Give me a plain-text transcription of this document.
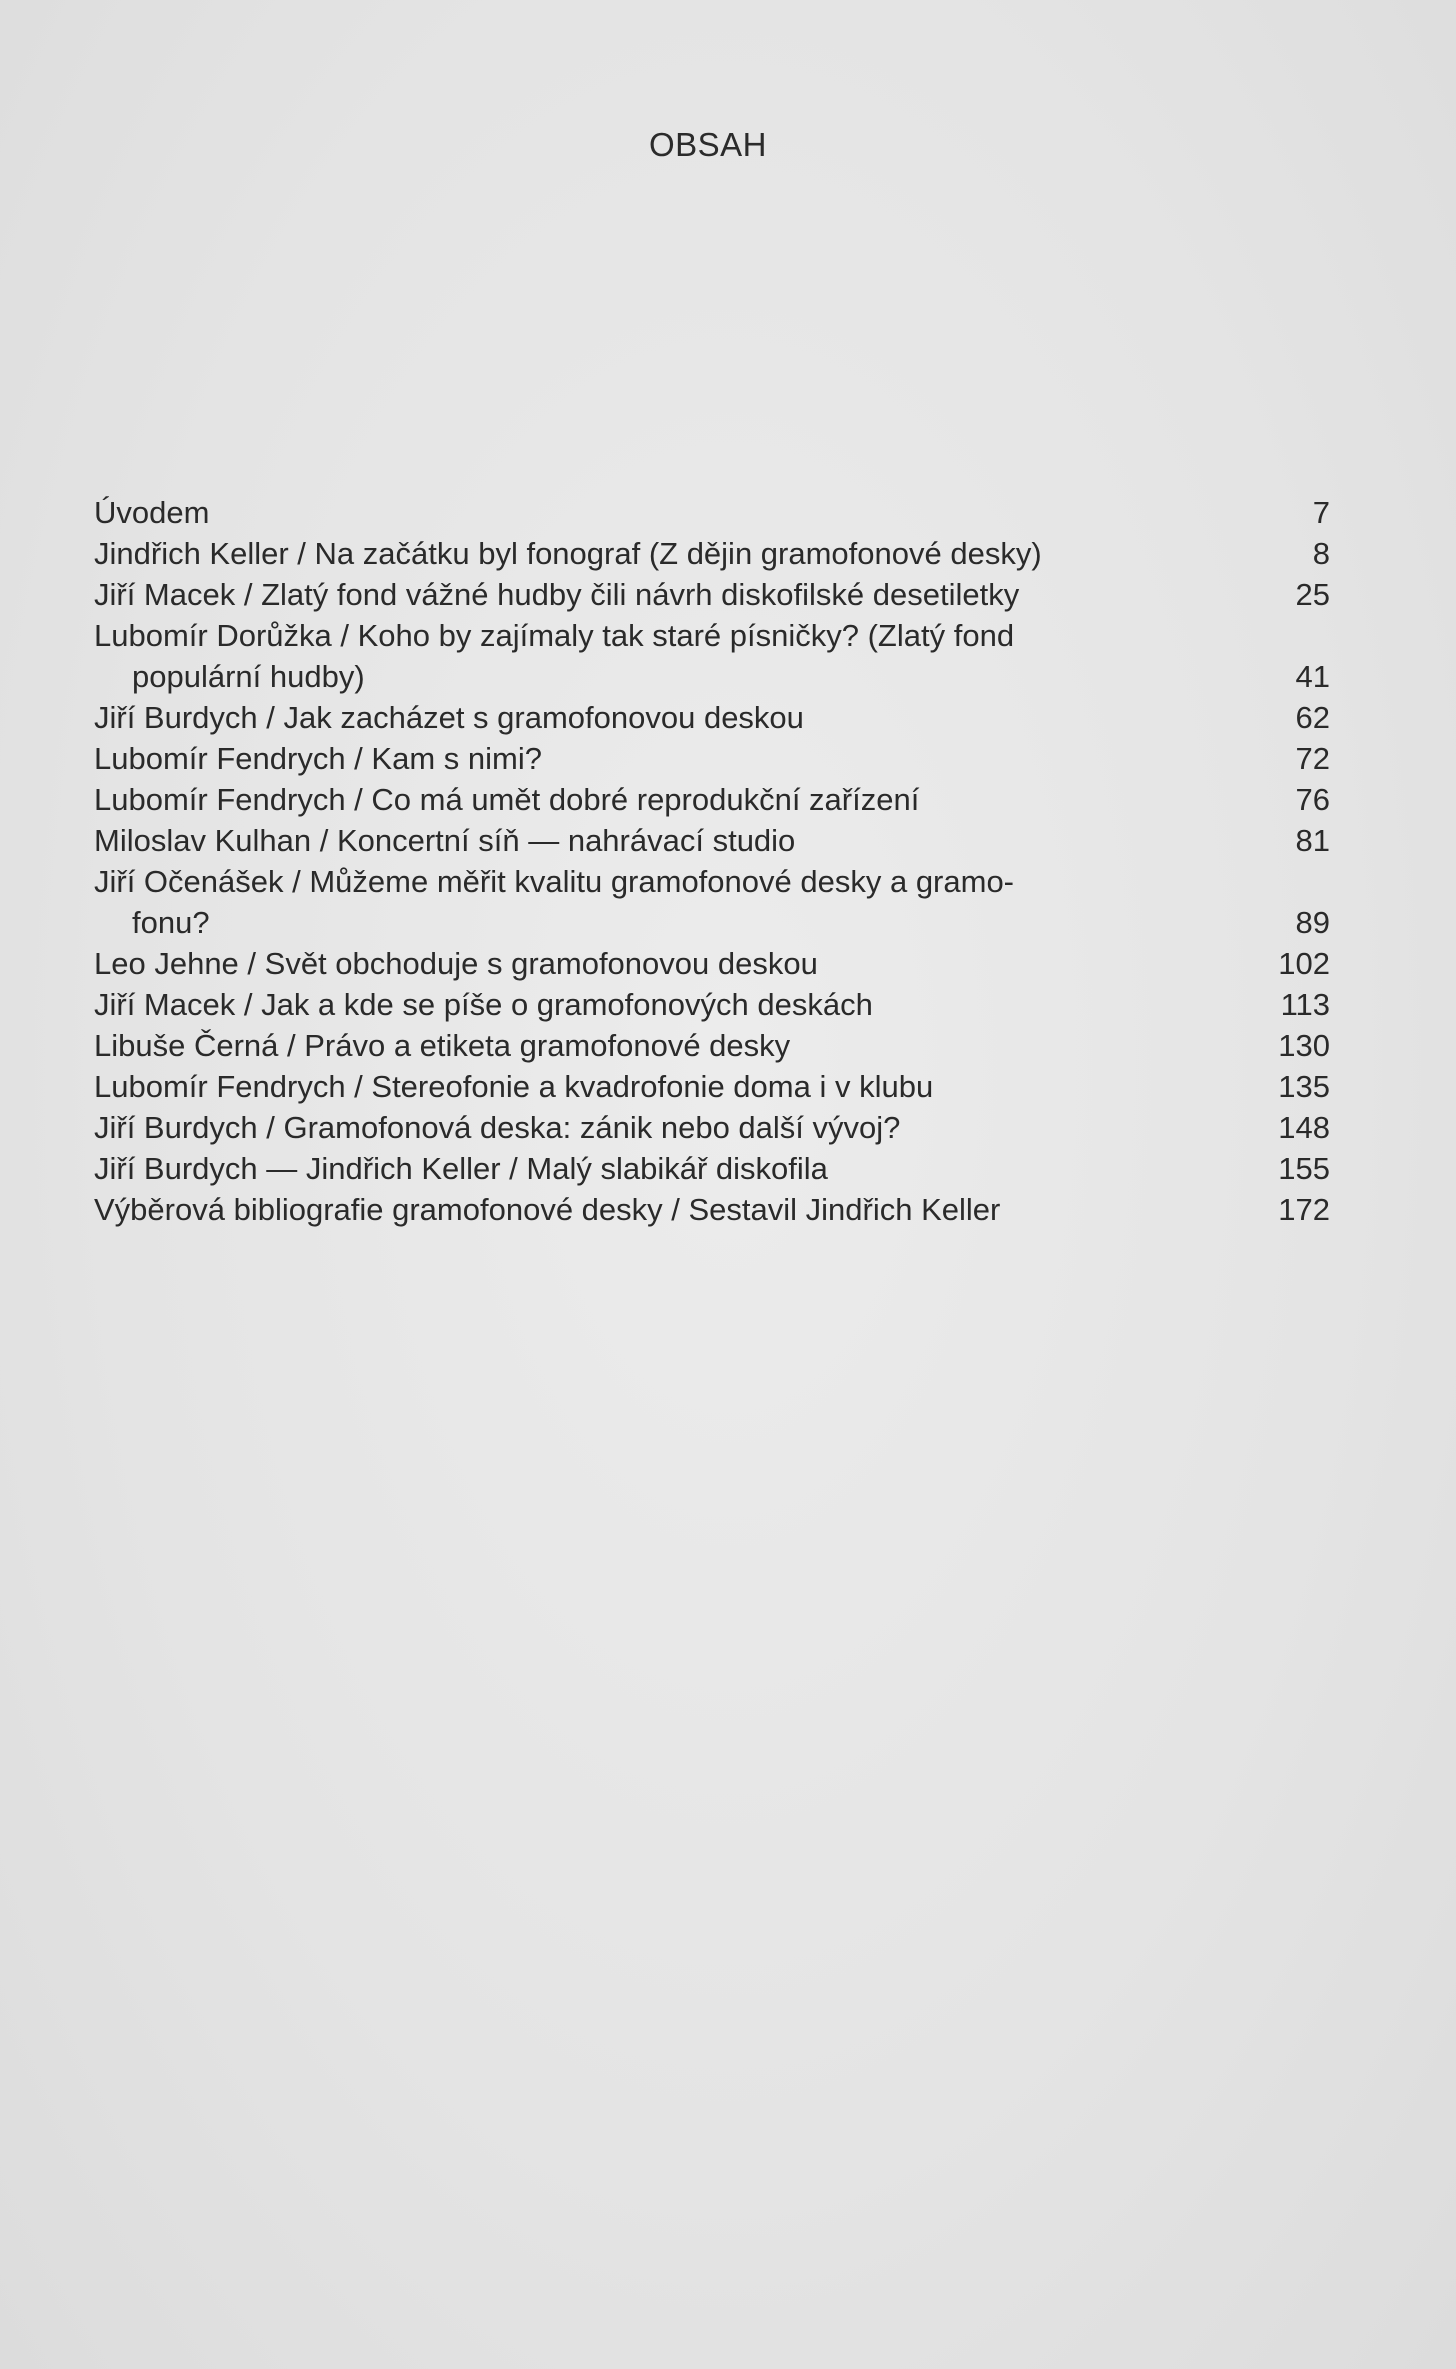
OBSAH
Úvodem	7
Jindřich Keller / Na začátku byl fonograf (Z dějin gramofonové desky)	8
Jiří Macek / Zlatý fond vážné hudby čili návrh diskofilské desetiletky	25
Lubomír Dorůžka / Koho by zajímaly tak staré písničky? (Zlatý fond
populární hudby)	41
Jiří Burdych / Jak zacházet s gramofonovou deskou	62
Lubomír Fendrych / Kam s nimi?	72
Lubomír Fendrych / Co má umět dobré reprodukční zařízení	76
Miloslav Kulhan / Koncertní síň — nahrávací studio	81
Jiří Očenášek / Můžeme měřit kvalitu gramofonové desky a gramo-
fonu?	89
Leo Jehne / Svět obchoduje s gramofonovou deskou	102
Jiří Macek / Jak a kde se píše o gramofonových deskách	113
Libuše Černá / Právo a etiketa gramofonové desky	130
Lubomír Fendrych / Stereofonie a kvadrofonie doma i v klubu	135
Jiří Burdych / Gramofonová deska: zánik nebo další vývoj?	148
Jiří Burdych — Jindřich Keller / Malý slabikář diskofila	155
Výběrová bibliografie gramofonové desky / Sestavil Jindřich Keller	172
